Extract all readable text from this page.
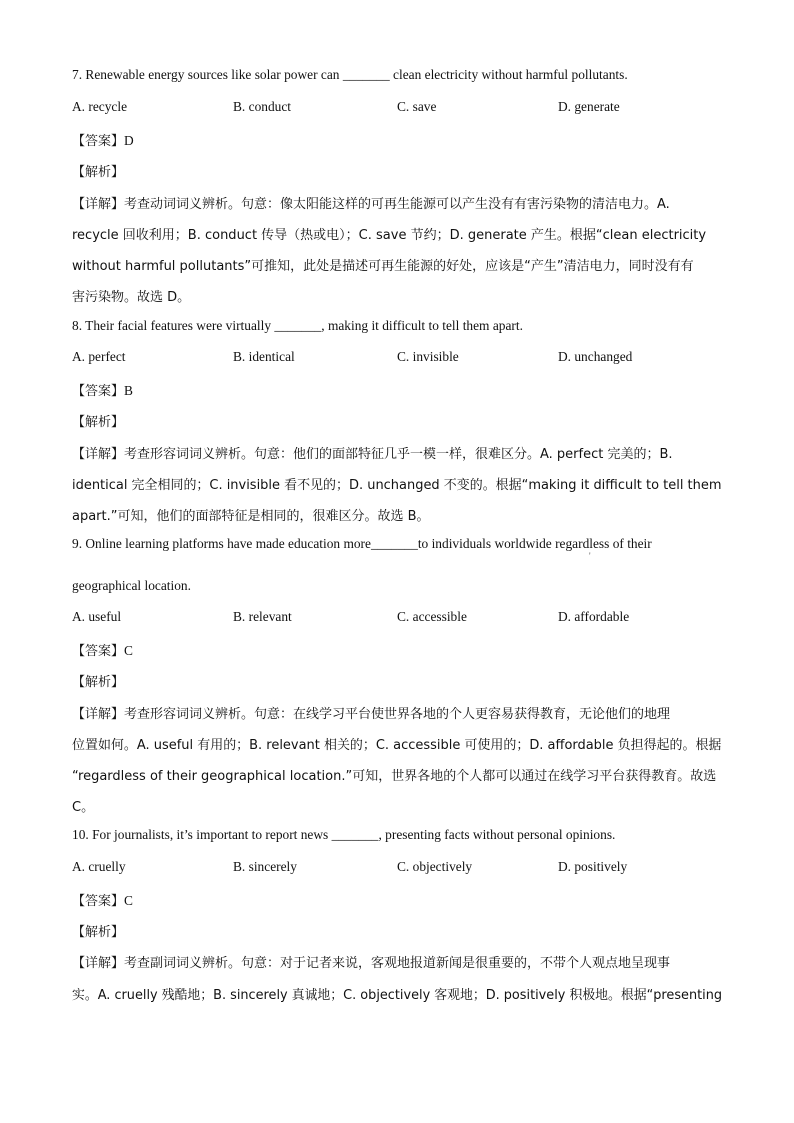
7. Renewable energy sources like solar power can _______ clean electricity without harmful pollutants.
A. recycle	B. conduct	C. save	D. generate
【答案】D
【解析】
【详解】考查动词词义辨析。句意：像太阳能这样的可再生能源可以产生没有有害污染物的清洁电力。A.
recycle 回收利用；B. conduct 传导（热或电）；C. save 节约；D. generate 产生。根据“clean electricity
without harmful pollutants”可推知，此处是描述可再生能源的好处，应该是“产生”清洁电力，同时没有有
害污染物。故选 D。
8. Their facial features were virtually _______, making it difficult to tell them apart.
A. perfect	B. identical	C. invisible	D. unchanged
【答案】B
【解析】
【详解】考查形容词词义辨析。句意：他们的面部特征几乎一模一样，很难区分。A. perfect 完美的；B.
identical 完全相同的；C. invisible 看不见的；D. unchanged 不变的。根据“making it difficult to tell them
apart.”可知，他们的面部特征是相同的，很难区分。故选 B。
9. Online learning platforms have made education more_______to individuals worldwide regardless of their
'
geographical location.
A. useful	B. relevant	C. accessible	D. affordable
【答案】C
【解析】
【详解】考查形容词词义辨析。句意：在线学习平台使世界各地的个人更容易获得教育，无论他们的地理
位置如何。A. useful 有用的；B. relevant 相关的；C. accessible 可使用的；D. affordable 负担得起的。根据
“regardless of their geographical location.”可知，世界各地的个人都可以通过在线学习平台获得教育。故选
C。
10. For journalists, it’s important to report news _______, presenting facts without personal opinions.
A. cruelly	B. sincerely	C. objectively	D. positively
【答案】C
【解析】
【详解】考查副词词义辨析。句意：对于记者来说，客观地报道新闻是很重要的，不带个人观点地呈现事
实。A. cruelly 残酷地；B. sincerely 真诚地；C. objectively 客观地；D. positively 积极地。根据“presenting
